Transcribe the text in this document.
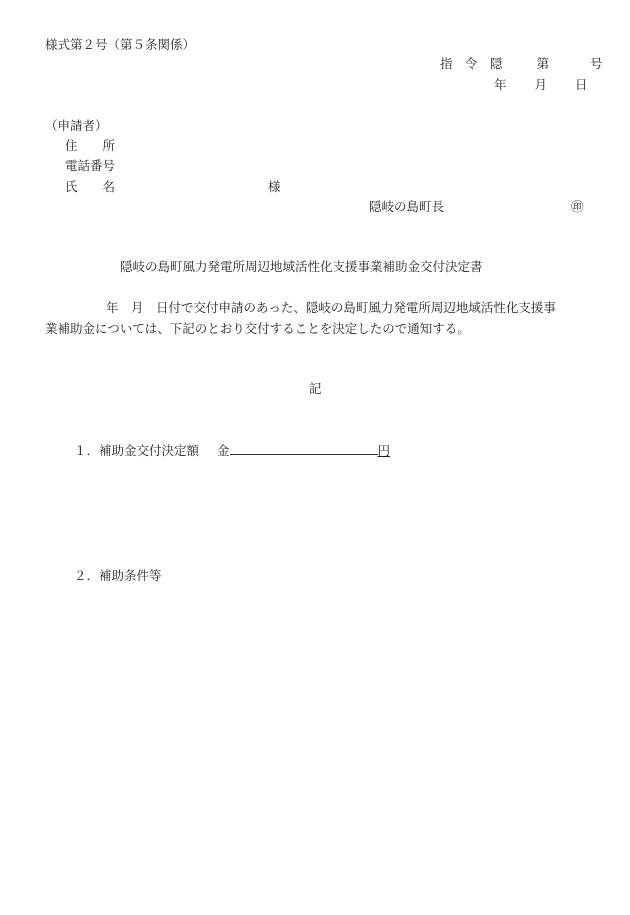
様式第２号（第５条関係）
指　令　隠	第	号
年 月 日
（申請者）
住　　所
電話番号
氏　　名	様
隠岐の島町長	㊞
隠岐の島町風力発電所周辺地域活性化支援事業補助金交付決定書
年　月　日付で交付申請のあった、隠岐の島町風力発電所周辺地域活性化支援事
業補助金については、下記のとおり交付することを決定したので通知する。
記
１．補助金交付決定額 金	円
２．補助条件等
